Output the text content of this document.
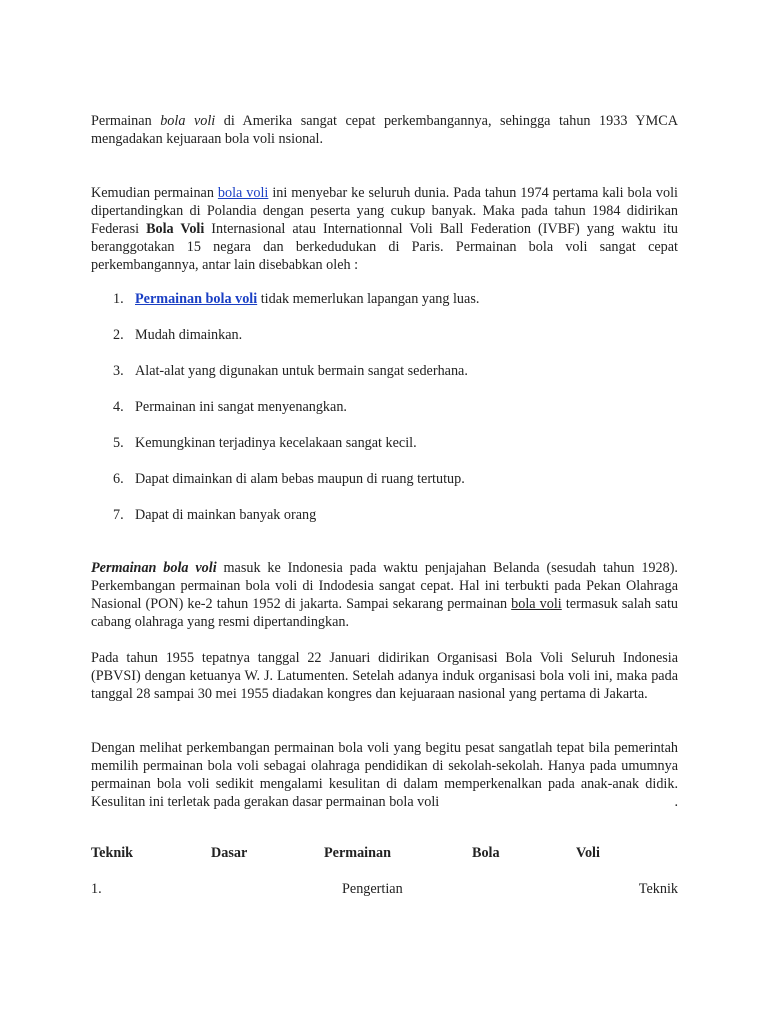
Permainan bola voli di Amerika sangat cepat perkembangannya, sehingga tahun 1933 YMCA mengadakan kejuaraan bola voli nsional.

Kemudian permainan bola voli ini menyebar ke seluruh dunia. Pada tahun 1974 pertama kali bola voli dipertandingkan di Polandia dengan peserta yang cukup banyak. Maka pada tahun 1984 didirikan Federasi Bola Voli Internasional atau Internationnal Voli Ball Federation (IVBF) yang waktu itu beranggotakan 15 negara dan berkedudukan di Paris. Permainan bola voli sangat cepat perkembangannya, antar lain disebabkan oleh :

1. Permainan bola voli tidak memerlukan lapangan yang luas.
2. Mudah dimainkan.
3. Alat-alat yang digunakan untuk bermain sangat sederhana.
4. Permainan ini sangat menyenangkan.
5. Kemungkinan terjadinya kecelakaan sangat kecil.
6. Dapat dimainkan di alam bebas maupun di ruang tertutup.
7. Dapat di mainkan banyak orang

Permainan bola voli masuk ke Indonesia pada waktu penjajahan Belanda (sesudah tahun 1928). Perkembangan permainan bola voli di Indodesia sangat cepat. Hal ini terbukti pada Pekan Olahraga Nasional (PON) ke-2 tahun 1952 di jakarta. Sampai sekarang permainan bola voli termasuk salah satu cabang olahraga yang resmi dipertandingkan.

Pada tahun 1955 tepatnya tanggal 22 Januari didirikan Organisasi Bola Voli Seluruh Indonesia (PBVSI) dengan ketuanya W. J. Latumenten. Setelah adanya induk organisasi bola voli ini, maka pada tanggal 28 sampai 30 mei 1955 diadakan kongres dan kejuaraan nasional yang pertama di Jakarta.

Dengan melihat perkembangan permainan bola voli yang begitu pesat sangatlah tepat bila pemerintah memilih permainan bola voli sebagai olahraga pendidikan di sekolah-sekolah. Hanya pada umumnya permainan bola voli sedikit mengalami kesulitan di dalam memperkenalkan pada anak-anak didik. Kesulitan ini terletak pada gerakan dasar permainan bola voli	.

Teknik	Dasar	Permainan	Bola	Voli
1.	Pengertian	Teknik
